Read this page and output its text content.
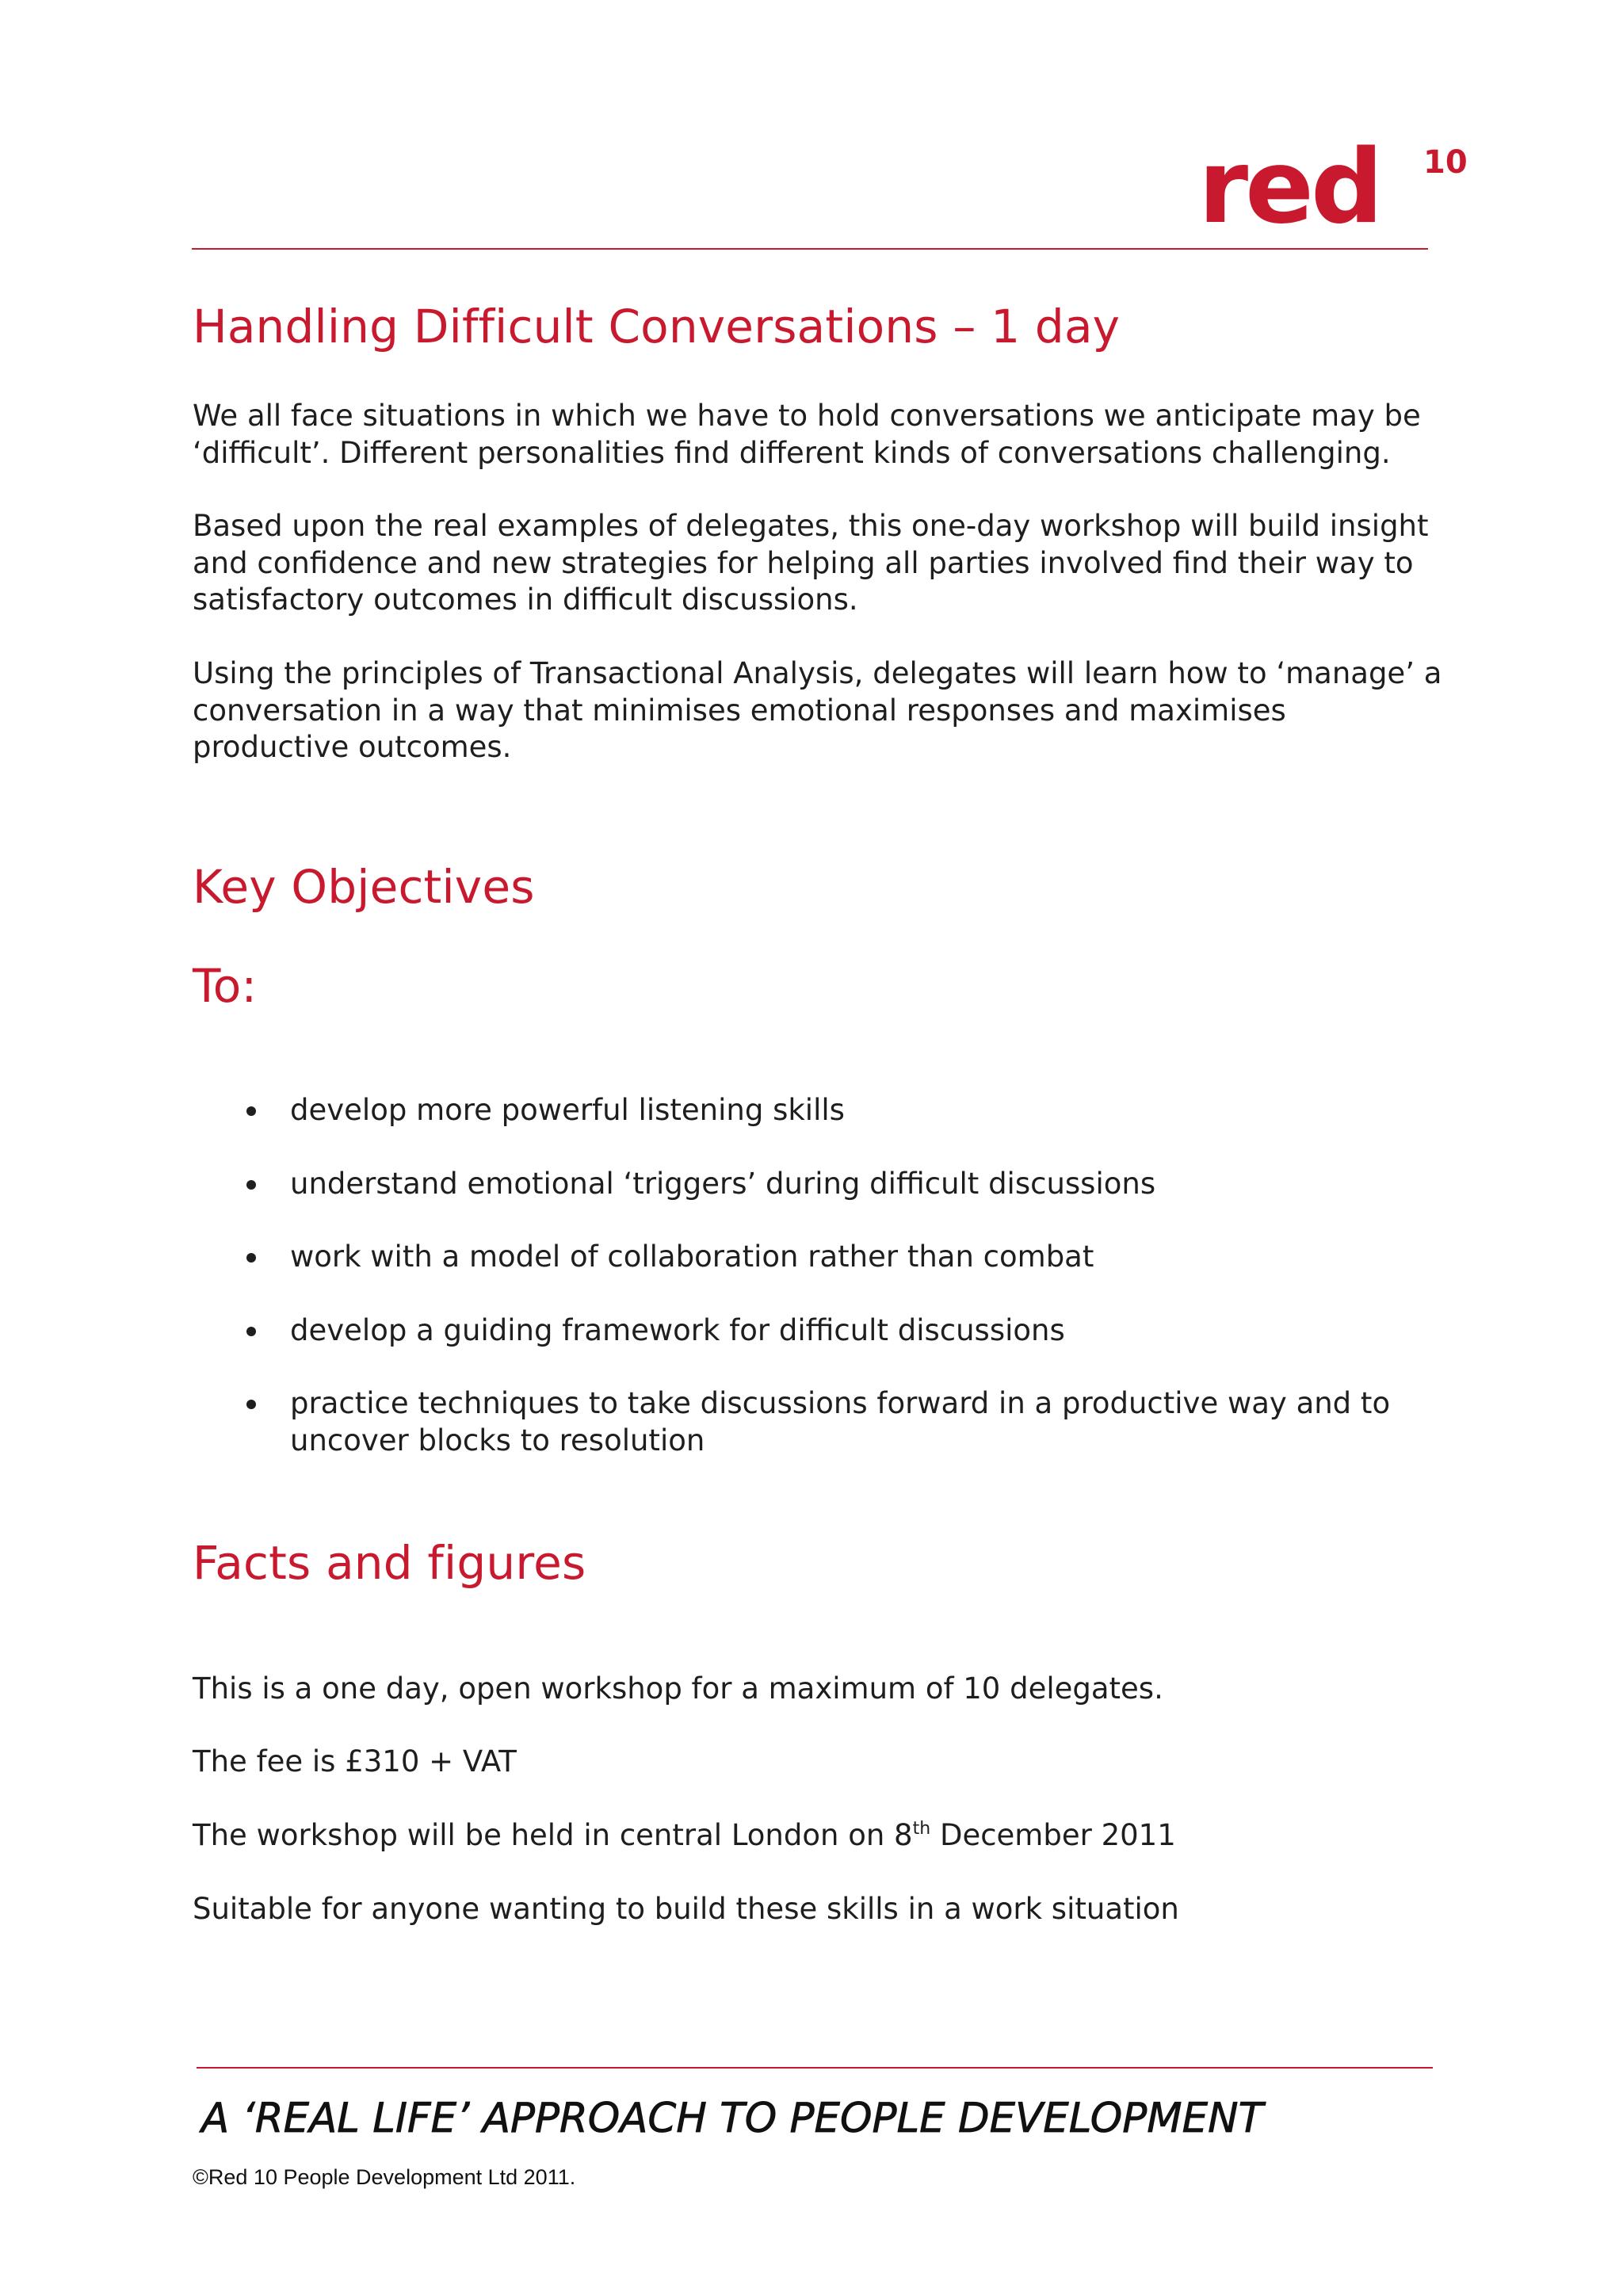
red 10
Handling Difficult Conversations – 1 day

We all face situations in which we have to hold conversations we anticipate may be ‘difficult’. Different personalities find different kinds of conversations challenging.

Based upon the real examples of delegates, this one-day workshop will build insight and confidence and new strategies for helping all parties involved find their way to satisfactory outcomes in difficult discussions.

Using the principles of Transactional Analysis, delegates will learn how to ‘manage’ a conversation in a way that minimises emotional responses and maximises productive outcomes.

Key Objectives
To:
develop more powerful listening skills
understand emotional ‘triggers’ during difficult discussions
work with a model of collaboration rather than combat
develop a guiding framework for difficult discussions
practice techniques to take discussions forward in a productive way and to uncover blocks to resolution
Facts and figures

This is a one day, open workshop for a maximum of 10 delegates.

The fee is £310 + VAT

The workshop will be held in central London on 8th December 2011

Suitable for anyone wanting to build these skills in a work situation

A ‘REAL LIFE’ APPROACH TO PEOPLE DEVELOPMENT

©Red 10 People Development Ltd 2011.
